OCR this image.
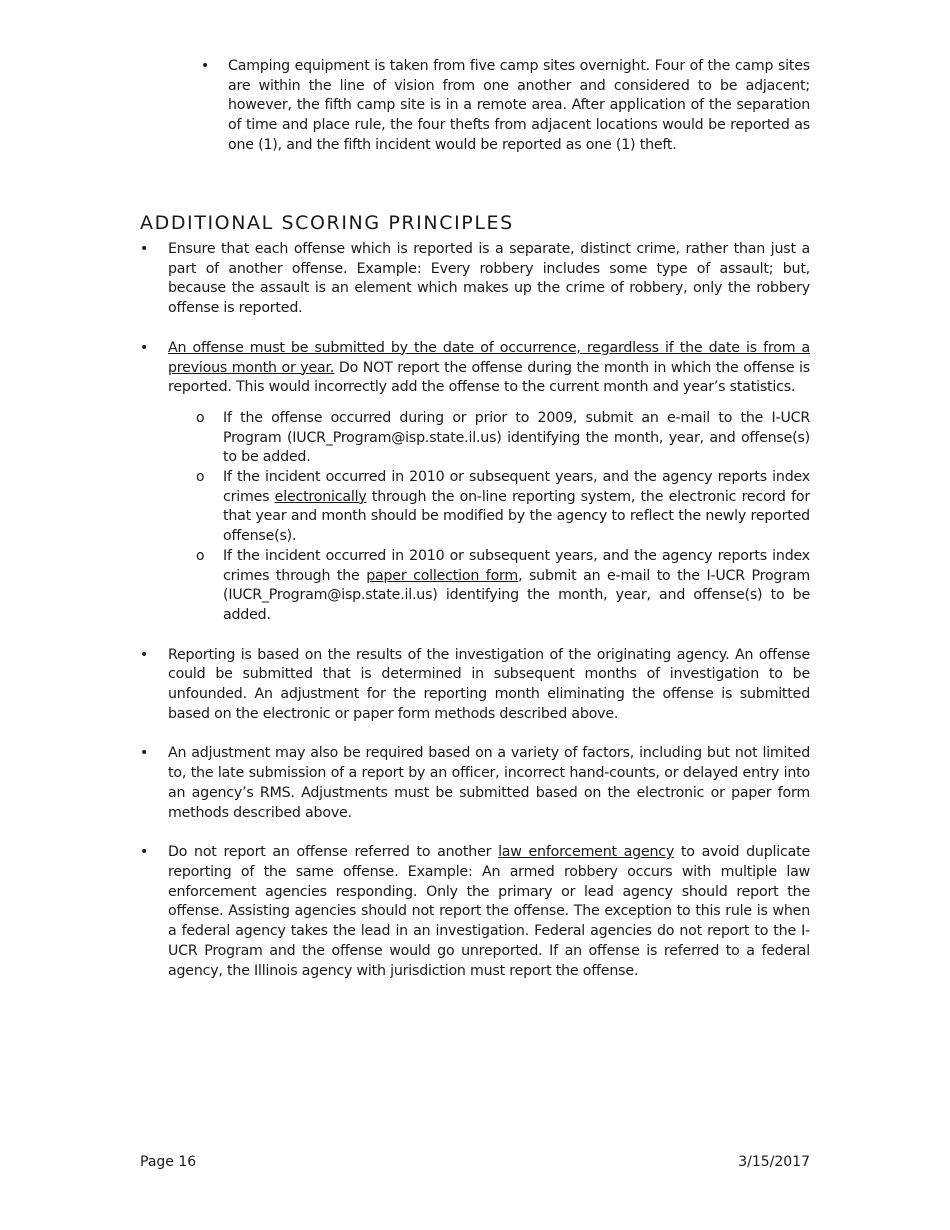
• Camping equipment is taken from five camp sites overnight. Four of the camp sites are within the line of vision from one another and considered to be adjacent; however, the fifth camp site is in a remote area. After application of the separation of time and place rule, the four thefts from adjacent locations would be reported as one (1), and the fifth incident would be reported as one (1) theft.

ADDITIONAL SCORING PRINCIPLES
• Ensure that each offense which is reported is a separate, distinct crime, rather than just a part of another offense. Example: Every robbery includes some type of assault; but, because the assault is an element which makes up the crime of robbery, only the robbery offense is reported.

• An offense must be submitted by the date of occurrence, regardless if the date is from a previous month or year. Do NOT report the offense during the month in which the offense is reported. This would incorrectly add the offense to the current month and year’s statistics.

o If the offense occurred during or prior to 2009, submit an e-mail to the I-UCR Program (IUCR_Program@isp.state.il.us) identifying the month, year, and offense(s) to be added.

o If the incident occurred in 2010 or subsequent years, and the agency reports index crimes electronically through the on-line reporting system, the electronic record for that year and month should be modified by the agency to reflect the newly reported offense(s).

o If the incident occurred in 2010 or subsequent years, and the agency reports index crimes through the paper collection form, submit an e-mail to the I-UCR Program (IUCR_Program@isp.state.il.us) identifying the month, year, and offense(s) to be added.

• Reporting is based on the results of the investigation of the originating agency. An offense could be submitted that is determined in subsequent months of investigation to be unfounded. An adjustment for the reporting month eliminating the offense is submitted based on the electronic or paper form methods described above.

• An adjustment may also be required based on a variety of factors, including but not limited to, the late submission of a report by an officer, incorrect hand-counts, or delayed entry into an agency’s RMS. Adjustments must be submitted based on the electronic or paper form methods described above.

• Do not report an offense referred to another law enforcement agency to avoid duplicate reporting of the same offense. Example: An armed robbery occurs with multiple law enforcement agencies responding. Only the primary or lead agency should report the offense. Assisting agencies should not report the offense. The exception to this rule is when a federal agency takes the lead in an investigation. Federal agencies do not report to the I-UCR Program and the offense would go unreported. If an offense is referred to a federal agency, the Illinois agency with jurisdiction must report the offense.

Page 16	3/15/2017
